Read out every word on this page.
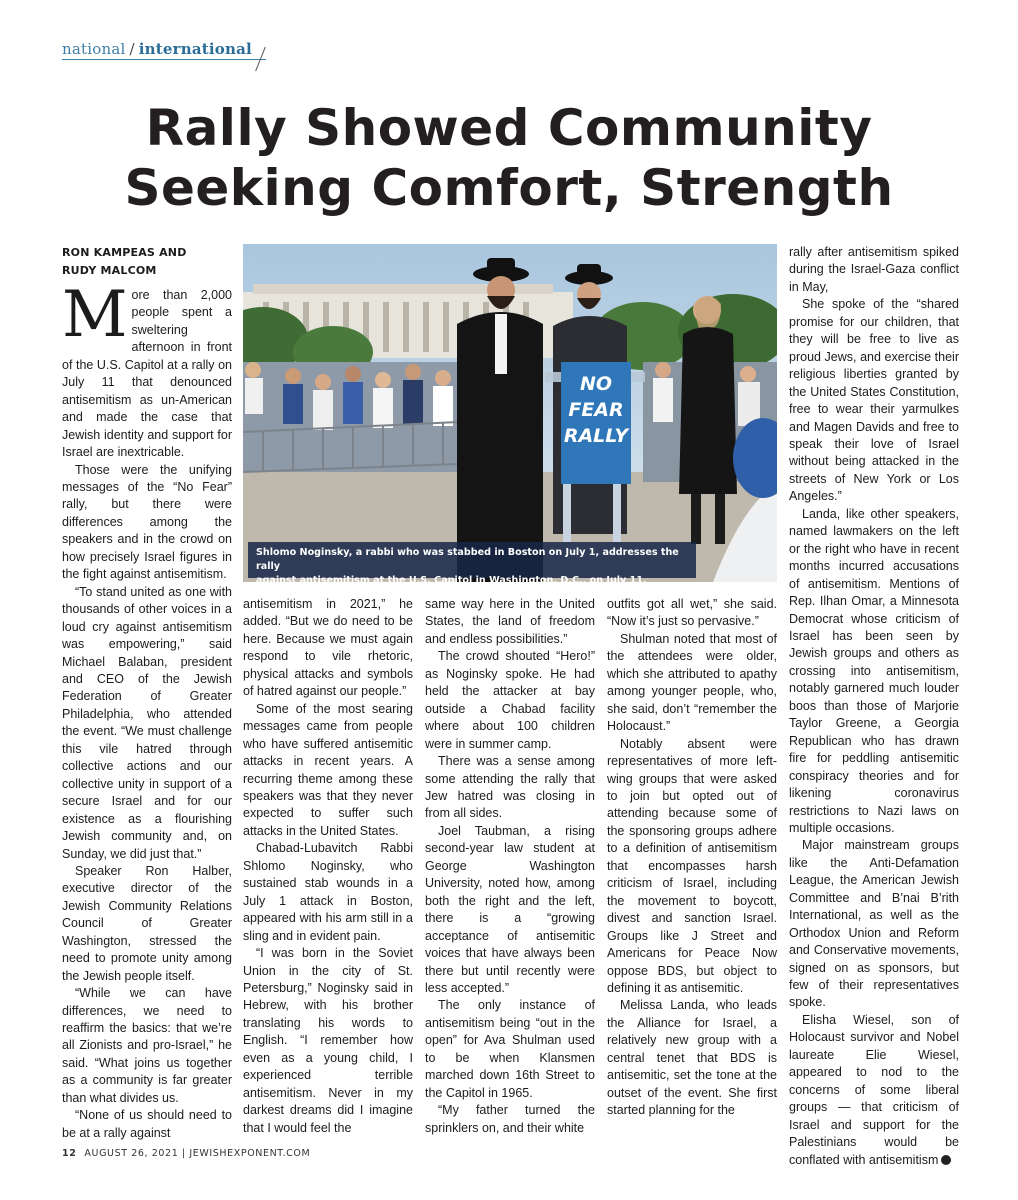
national / international
Rally Showed Community
Seeking Comfort, Strength
RON KAMPEAS AND
RUDY MALCOM

More than 2,000 people spent a sweltering afternoon in front of the U.S. Capitol at a rally on July 11 that denounced antisemitism as un-American and made the case that Jewish identity and support for Israel are inextricable.

Those were the unifying messages of the “No Fear” rally, but there were differences among the speakers and in the crowd on how precisely Israel figures in the fight against antisemitism.

“To stand united as one with thousands of other voices in a loud cry against antisemitism was empowering,” said Michael Balaban, president and CEO of the Jewish Federation of Greater Philadelphia, who attended the event. “We must challenge this vile hatred through collective actions and our collective unity in support of a secure Israel and for our existence as a flourishing Jewish community and, on Sunday, we did just that.”

Speaker Ron Halber, executive director of the Jewish Community Relations Council of Greater Washington, stressed the need to promote unity among the Jewish people itself.

“While we can have differences, we need to reaffirm the basics: that we’re all Zionists and pro-Israel,” he said. “What joins us together as a community is far greater than what divides us.

“None of us should need to be at a rally against

NO
FEAR
RALLY
Shlomo Noginsky, a rabbi who was stabbed in Boston on July 1, addresses the rally
against antisemitism at the U.S. Capitol in Washington, D.C., on July 11.

antisemitism in 2021,” he added. “But we do need to be here. Because we must again respond to vile rhetoric, physical attacks and symbols of hatred against our people.”

Some of the most searing messages came from people who have suffered antisemitic attacks in recent years. A recurring theme among these speakers was that they never expected to suffer such attacks in the United States.

Chabad-Lubavitch Rabbi Shlomo Noginsky, who sustained stab wounds in a July 1 attack in Boston, appeared with his arm still in a sling and in evident pain.

“I was born in the Soviet Union in the city of St. Petersburg,” Noginsky said in Hebrew, with his brother translating his words to English. “I remember how even as a young child, I experienced terrible antisemitism. Never in my darkest dreams did I imagine that I would feel the

same way here in the United States, the land of freedom and endless possibilities.”

The crowd shouted “Hero!” as Noginsky spoke. He had held the attacker at bay outside a Chabad facility where about 100 children were in summer camp.

There was a sense among some attending the rally that Jew hatred was closing in from all sides.

Joel Taubman, a rising second-year law student at George Washington University, noted how, among both the right and the left, there is a “growing acceptance of antisemitic voices that have always been there but until recently were less accepted.”

The only instance of antisemitism being “out in the open” for Ava Shulman used to be when Klansmen marched down 16th Street to the Capitol in 1965.

“My father turned the sprinklers on, and their white

outfits got all wet,” she said. “Now it’s just so pervasive.”

Shulman noted that most of the attendees were older, which she attributed to apathy among younger people, who, she said, don’t “remember the Holocaust.”

Notably absent were representatives of more left-wing groups that were asked to join but opted out of attending because some of the sponsoring groups adhere to a definition of antisemitism that encompasses harsh criticism of Israel, including the movement to boycott, divest and sanction Israel. Groups like J Street and Americans for Peace Now oppose BDS, but object to defining it as antisemitic.

Melissa Landa, who leads the Alliance for Israel, a relatively new group with a central tenet that BDS is antisemitic, set the tone at the outset of the event. She first started planning for the

rally after antisemitism spiked during the Israel-Gaza conflict in May,

She spoke of the “shared promise for our children, that they will be free to live as proud Jews, and exercise their religious liberties granted by the United States Constitution, free to wear their yarmulkes and Magen Davids and free to speak their love of Israel without being attacked in the streets of New York or Los Angeles.”

Landa, like other speakers, named lawmakers on the left or the right who have in recent months incurred accusations of antisemitism. Mentions of Rep. Ilhan Omar, a Minnesota Democrat whose criticism of Israel has been seen by Jewish groups and others as crossing into antisemitism, notably garnered much louder boos than those of Marjorie Taylor Greene, a Georgia Republican who has drawn fire for peddling antisemitic conspiracy theories and for likening coronavirus restrictions to Nazi laws on multiple occasions.

Major mainstream groups like the Anti-Defamation League, the American Jewish Committee and B’nai B’rith International, as well as the Orthodox Union and Reform and Conservative movements, signed on as sponsors, but few of their representatives spoke.

Elisha Wiesel, son of Holocaust survivor and Nobel laureate Elie Wiesel, appeared to nod to the concerns of some liberal groups — that criticism of Israel and support for the Palestinians would be conflated with antisemitism

12 AUGUST 26, 2021 | JEWISHEXPONENT.COM
